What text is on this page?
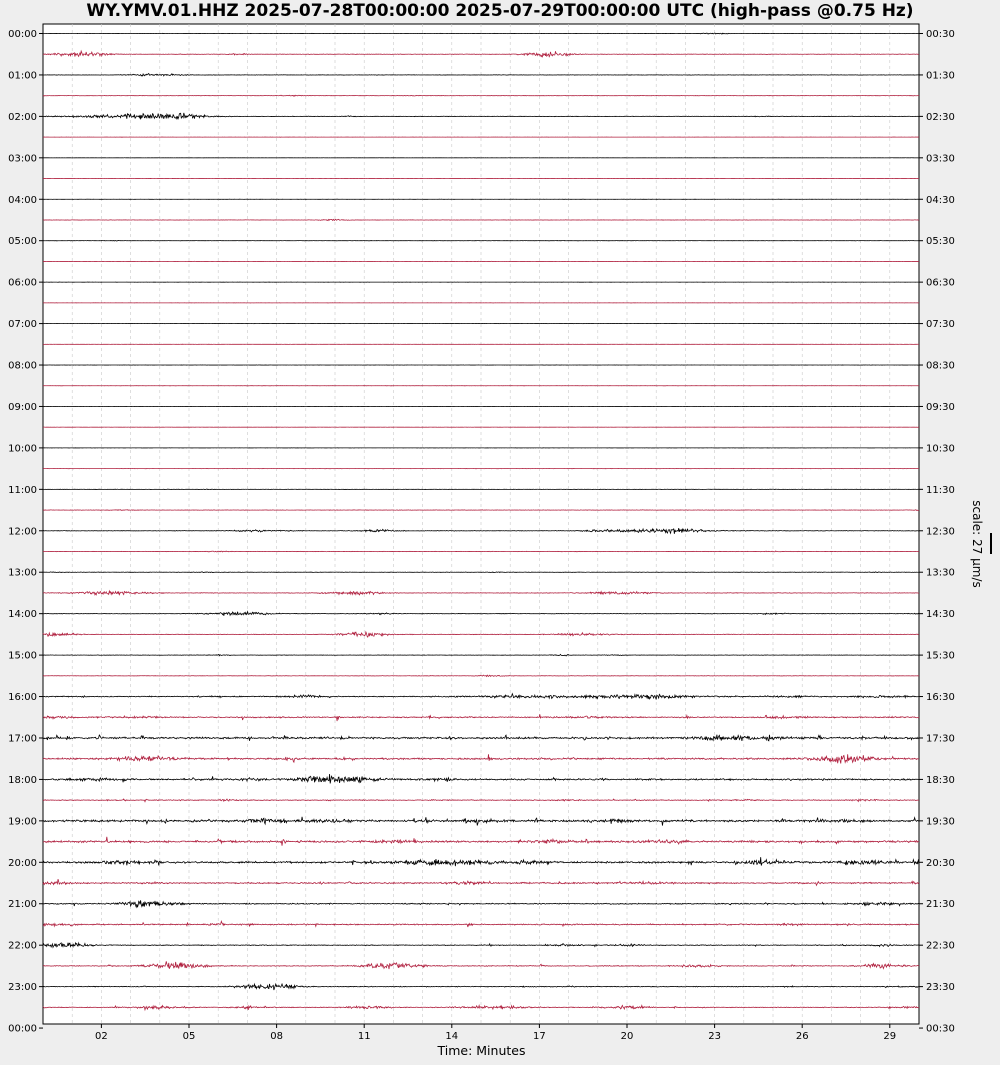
WY.YMV.01.HHZ 2025-07-28T00:00:00 2025-07-29T00:00:00 UTC (high-pass @0.75 Hz)
02	05	08	11	14	17	20	23	26	29
00:00
01:00
02:00
03:00
04:00
05:00
06:00
07:00
08:00
09:00
10:00
11:00
12:00
13:00
14:00
15:00
16:00
17:00
18:00
19:00
20:00
21:00
22:00
23:00
00:00
00:30
01:30
02:30
03:30
04:30
05:30
06:30
07:30
08:30
09:30
10:30
11:30
12:30
13:30
14:30
15:30
16:30
17:30
18:30
19:30
20:30
21:30
22:30
23:30
00:30
Time: Minutes
scale: 27 µm/s
